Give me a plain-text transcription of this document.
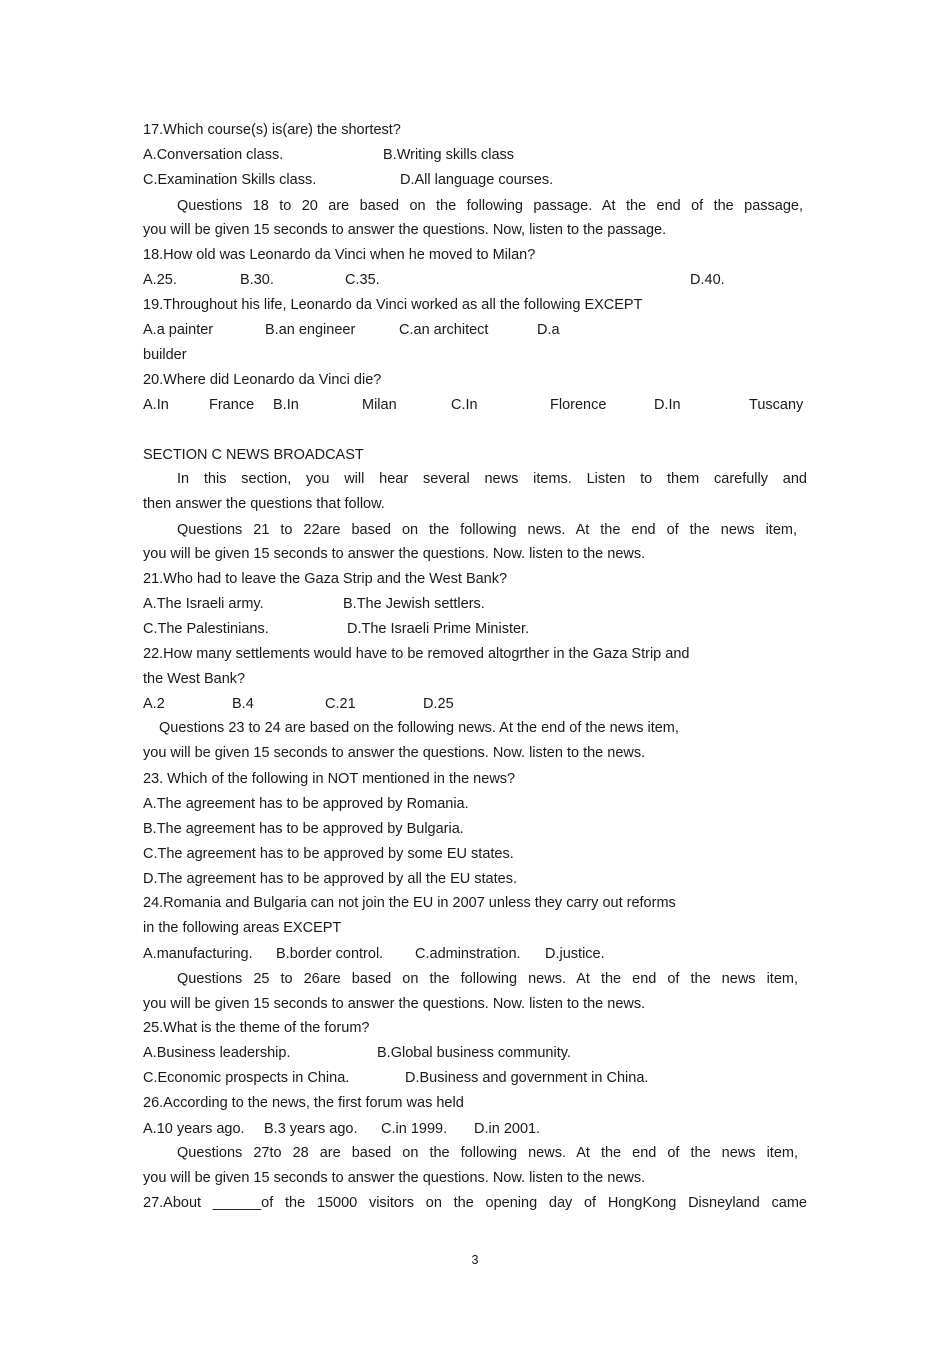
17.Which course(s) is(are) the shortest?
A.Conversation class.	B.Writing skills class
C.Examination Skills class.	D.All language courses.
Questions 18 to 20 are based on the following passage. At the end of the passage,
you will be given 15 seconds to answer the questions. Now, listen to the passage.
18.How old was Leonardo da Vinci when he moved to Milan?
A.25.	B.30.	C.35.	D.40.
19.Throughout his life, Leonardo da Vinci worked as all the following EXCEPT
A.a painter	B.an engineer	C.an architect	D.a
builder
20.Where did Leonardo da Vinci die?
A.In	France B.In	Milan	C.In	Florence	D.In	Tuscany
SECTION C NEWS BROADCAST
In this section, you will hear several news items. Listen to them carefully and
then answer the questions that follow.
Questions 21 to 22are based on the following news. At the end of the news item,
you will be given 15 seconds to answer the questions. Now. listen to the news.
21.Who had to leave the Gaza Strip and the West Bank?
A.The Israeli army.	B.The Jewish settlers.
C.The Palestinians.	D.The Israeli Prime Minister.
22.How many settlements would have to be removed altogrther in the Gaza Strip and
the West Bank?
A.2	B.4	C.21	D.25
Questions 23 to 24 are based on the following news. At the end of the news item,
you will be given 15 seconds to answer the questions. Now. listen to the news.
23. Which of the following in NOT mentioned in the news?
A.The agreement has to be approved by Romania.
B.The agreement has to be approved by Bulgaria.
C.The agreement has to be approved by some EU states.
D.The agreement has to be approved by all the EU states.
24.Romania and Bulgaria can not join the EU in 2007 unless they carry out reforms
in the following areas EXCEPT
A.manufacturing. B.border control. C.adminstration. D.justice.
Questions 25 to 26are based on the following news. At the end of the news item,
you will be given 15 seconds to answer the questions. Now. listen to the news.
25.What is the theme of the forum?
A.Business leadership.	B.Global business community.
C.Economic prospects in China.	D.Business and government in China.
26.According to the news, the first forum was held
A.10 years ago. B.3 years ago. C.in 1999. D.in 2001.
Questions 27to 28 are based on the following news. At the end of the news item,
you will be given 15 seconds to answer the questions. Now. listen to the news.
27.About ______of the 15000 visitors on the opening day of HongKong Disneyland came
3
